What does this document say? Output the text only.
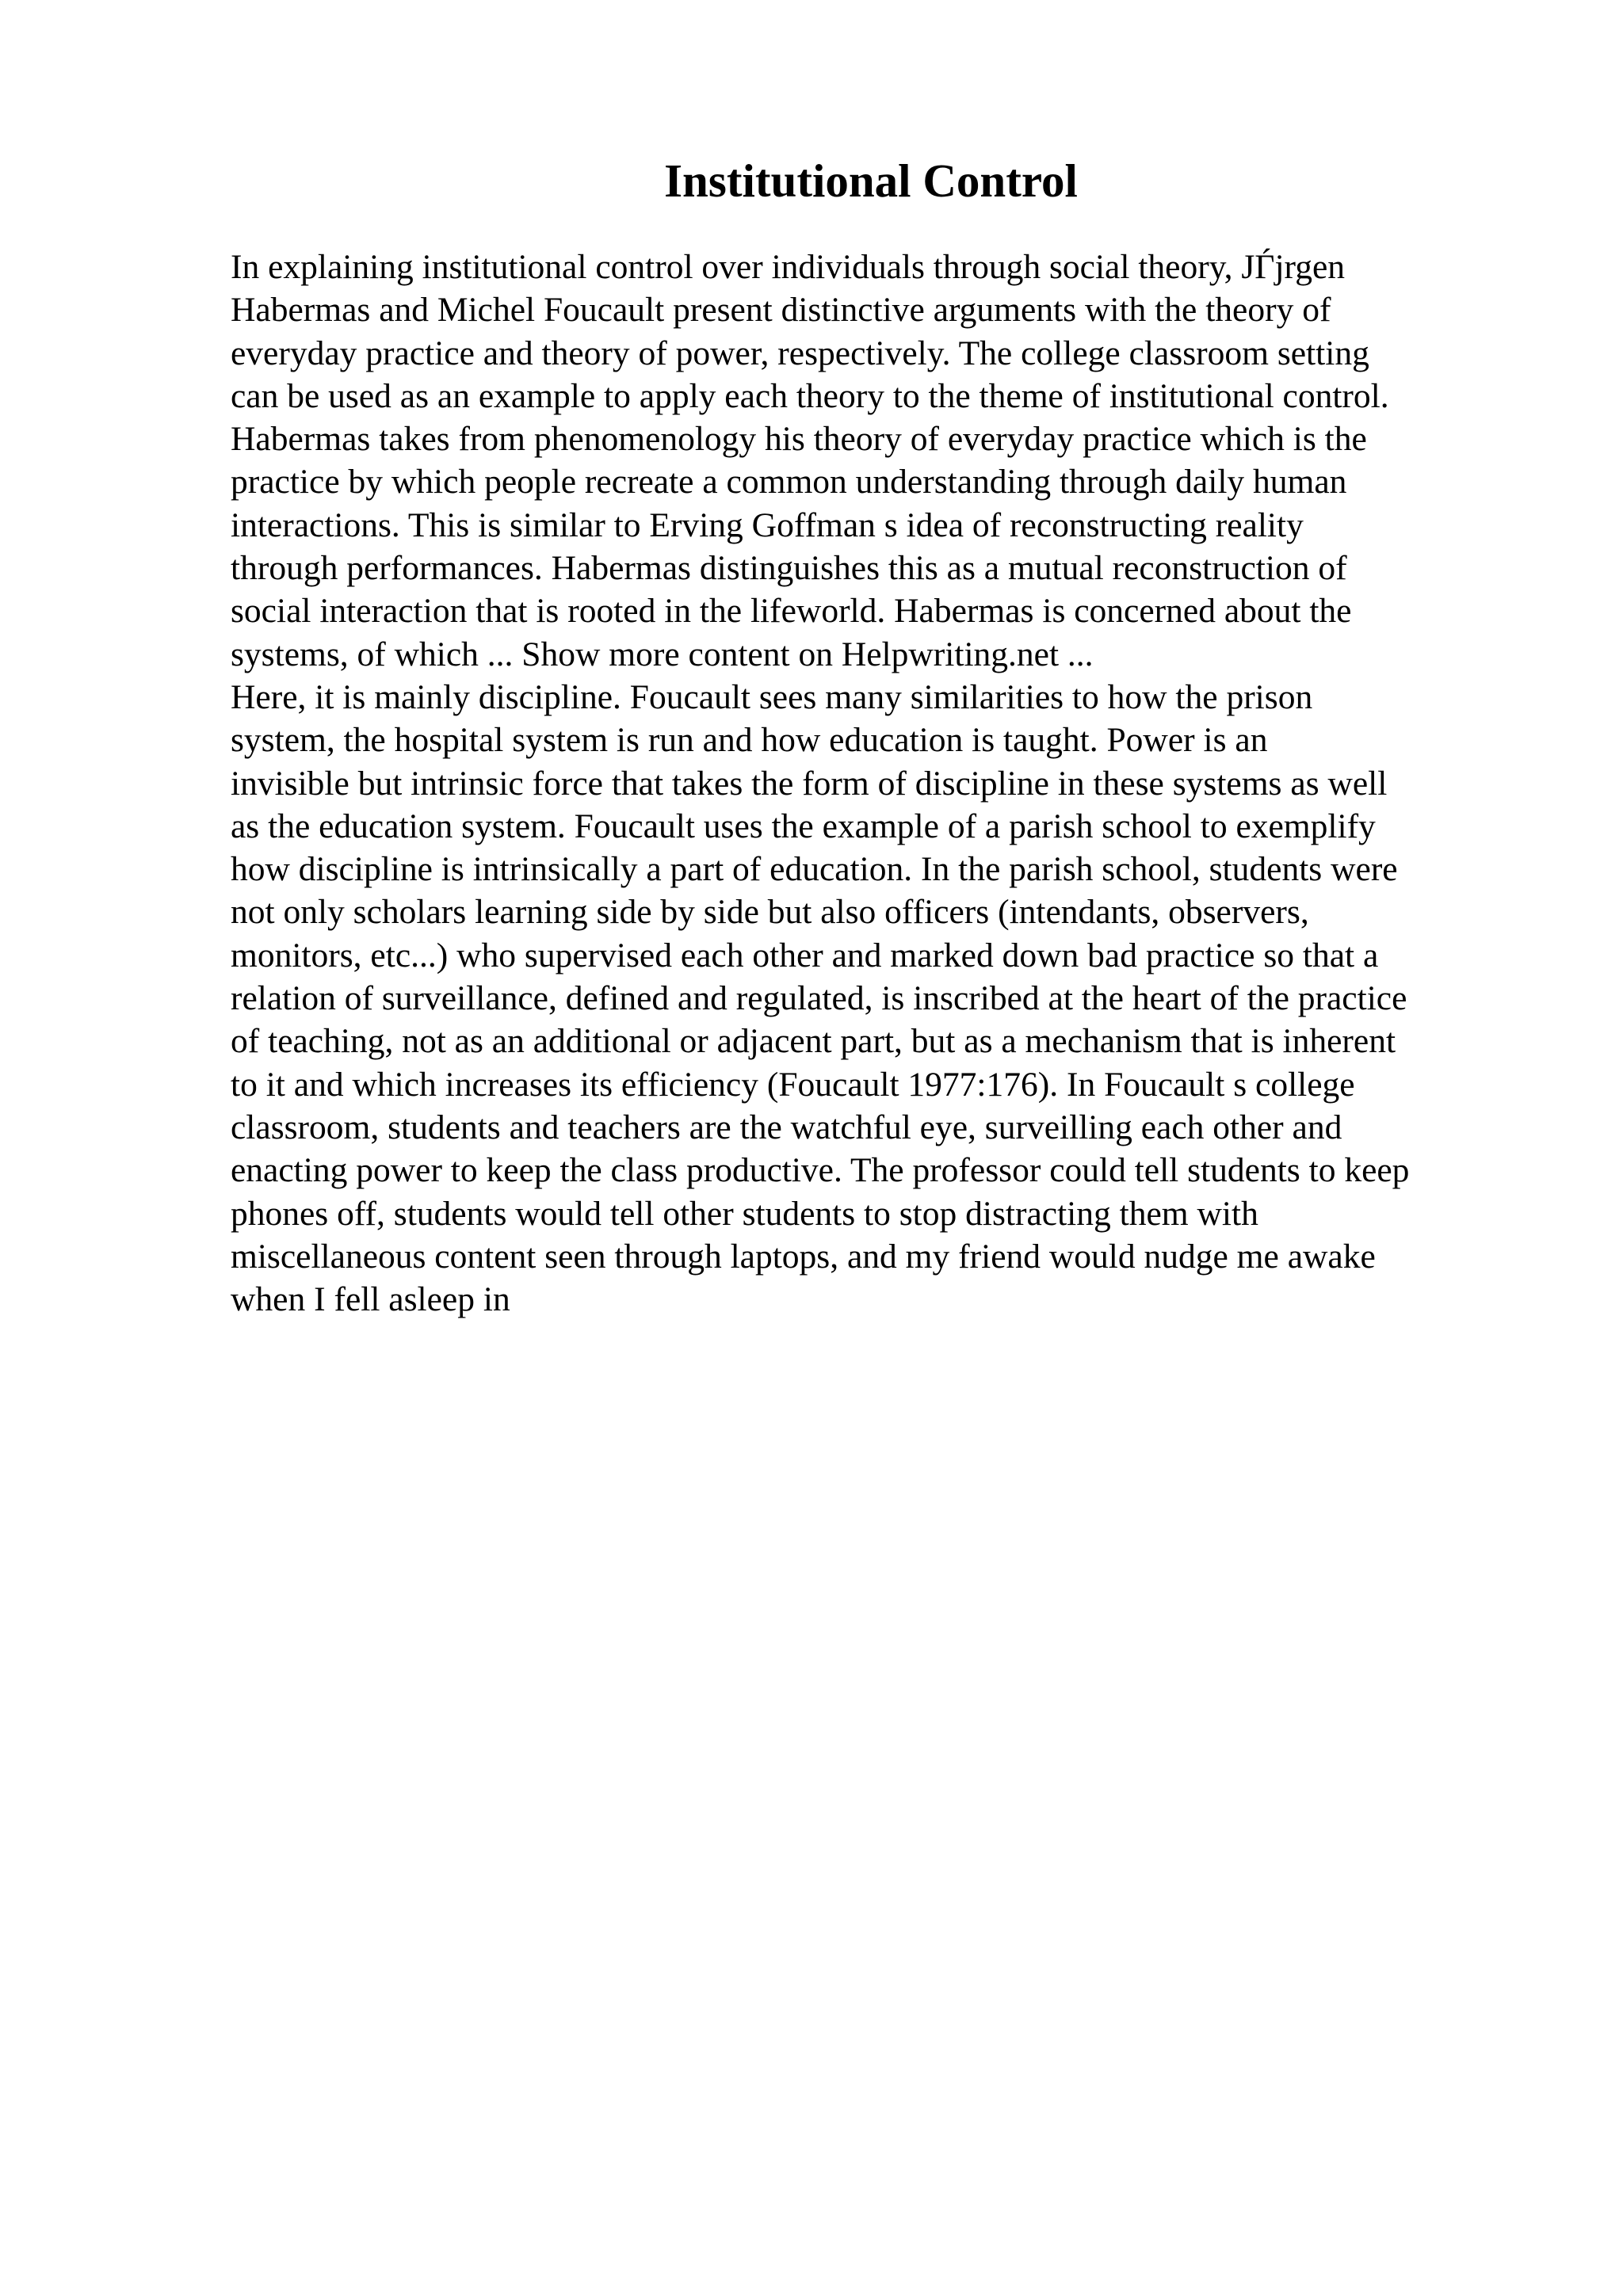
Institutional Control
In explaining institutional control over individuals through social theory, JЃjrgen
Habermas and Michel Foucault present distinctive arguments with the theory of
everyday practice and theory of power, respectively. The college classroom setting
can be used as an example to apply each theory to the theme of institutional control.
Habermas takes from phenomenology his theory of everyday practice which is the
practice by which people recreate a common understanding through daily human
interactions. This is similar to Erving Goffman s idea of reconstructing reality
through performances. Habermas distinguishes this as a mutual reconstruction of
social interaction that is rooted in the lifeworld. Habermas is concerned about the
systems, of which ... Show more content on Helpwriting.net ...
Here, it is mainly discipline. Foucault sees many similarities to how the prison
system, the hospital system is run and how education is taught. Power is an
invisible but intrinsic force that takes the form of discipline in these systems as well
as the education system. Foucault uses the example of a parish school to exemplify
how discipline is intrinsically a part of education. In the parish school, students were
not only scholars learning side by side but also officers (intendants, observers,
monitors, etc...) who supervised each other and marked down bad practice so that a
relation of surveillance, defined and regulated, is inscribed at the heart of the practice
of teaching, not as an additional or adjacent part, but as a mechanism that is inherent
to it and which increases its efficiency (Foucault 1977:176). In Foucault s college
classroom, students and teachers are the watchful eye, surveilling each other and
enacting power to keep the class productive. The professor could tell students to keep
phones off, students would tell other students to stop distracting them with
miscellaneous content seen through laptops, and my friend would nudge me awake
when I fell asleep in
